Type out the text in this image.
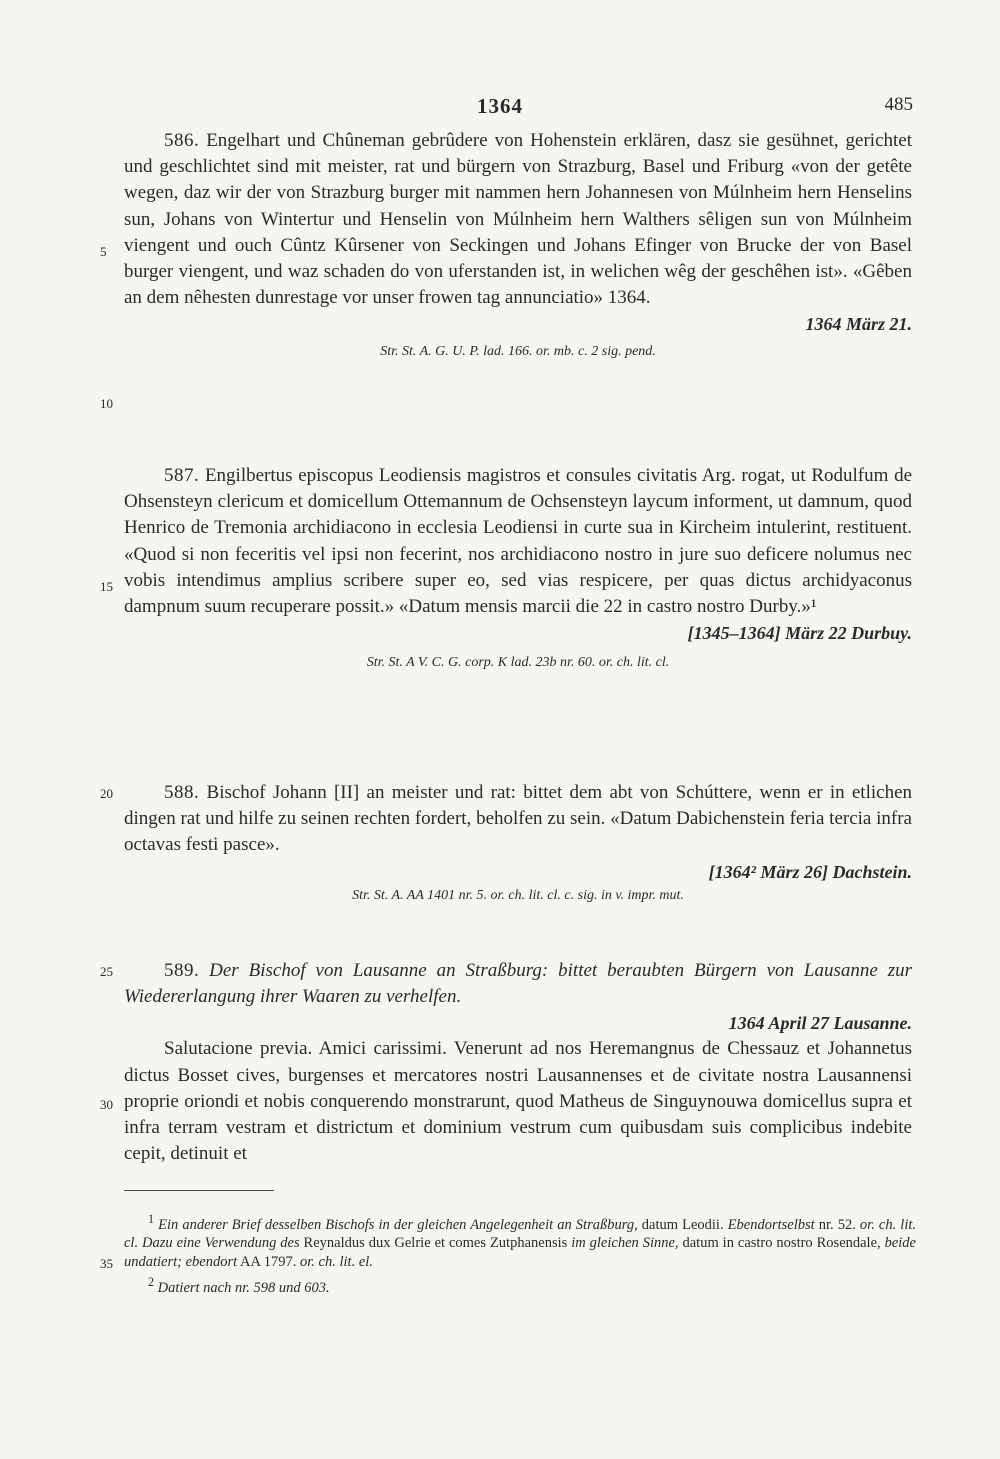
1364	485
5
10
15
20
25
30
35

586. Engelhart und Chûneman gebrûdere von Hohenstein erklären, dasz sie gesühnet, gerichtet und geschlichtet sind mit meister, rat und bürgern von Strazburg, Basel und Friburg «von der getête wegen, daz wir der von Strazburg burger mit nammen hern Johannesen von Múlnheim hern Henselins sun, Johans von Wintertur und Henselin von Múlnheim hern Walthers sêligen sun von Múlnheim viengent und ouch Cûntz Kûrsener von Seckingen und Johans Efinger von Brucke der von Basel burger viengent, und waz schaden do von uferstanden ist, in welichen wêg der geschêhen ist». «Gêben an dem nêhesten dunrestage vor unser frowen tag annunciatio» 1364.

1364 März 21.

Str. St. A. G. U. P. lad. 166. or. mb. c. 2 sig. pend.

587. Engilbertus episcopus Leodiensis magistros et consules civitatis Arg. rogat, ut Rodulfum de Ohsensteyn clericum et domicellum Ottemannum de Ochsensteyn laycum informent, ut damnum, quod Henrico de Tremonia archidiacono in ecclesia Leodiensi in curte sua in Kircheim intulerint, restituent. «Quod si non feceritis vel ipsi non fecerint, nos archidiacono nostro in jure suo deficere nolumus nec vobis intendimus amplius scribere super eo, sed vias respicere, per quas dictus archidyaconus dampnum suum recuperare possit.» «Datum mensis marcii die 22 in castro nostro Durby.»¹

[1345–1364] März 22 Durbuy.

Str. St. A V. C. G. corp. K lad. 23b nr. 60. or. ch. lit. cl.

588. Bischof Johann [II] an meister und rat: bittet dem abt von Schúttere, wenn er in etlichen dingen rat und hilfe zu seinen rechten fordert, beholfen zu sein. «Datum Dabichenstein feria tercia infra octavas festi pasce».

[1364² März 26] Dachstein.

Str. St. A. AA 1401 nr. 5. or. ch. lit. cl. c. sig. in v. impr. mut.

589. Der Bischof von Lausanne an Straßburg: bittet beraubten Bürgern von Lausanne zur Wiedererlangung ihrer Waaren zu verhelfen.

1364 April 27 Lausanne.

Salutacione previa. Amici carissimi. Venerunt ad nos Heremangnus de Chessauz et Johannetus dictus Bosset cives, burgenses et mercatores nostri Lausannenses et de civitate nostra Lausannensi proprie oriondi et nobis conquerendo monstrarunt, quod Matheus de Singuynouwa domicellus supra et infra terram vestram et districtum et dominium vestrum cum quibusdam suis complicibus indebite cepit, detinuit et

$^1$ Ein anderer Brief desselben Bischofs in der gleichen Angelegenheit an Straßburg, datum Leodii. Ebendortselbst nr. 52. or. ch. lit. cl. Dazu eine Verwendung des Reynaldus dux Gelrie et comes Zutphanensis im gleichen Sinne, datum in castro nostro Rosendale, beide undatiert; ebendort AA 1797. or. ch. lit. el.

$^2$ Datiert nach nr. 598 und 603.
